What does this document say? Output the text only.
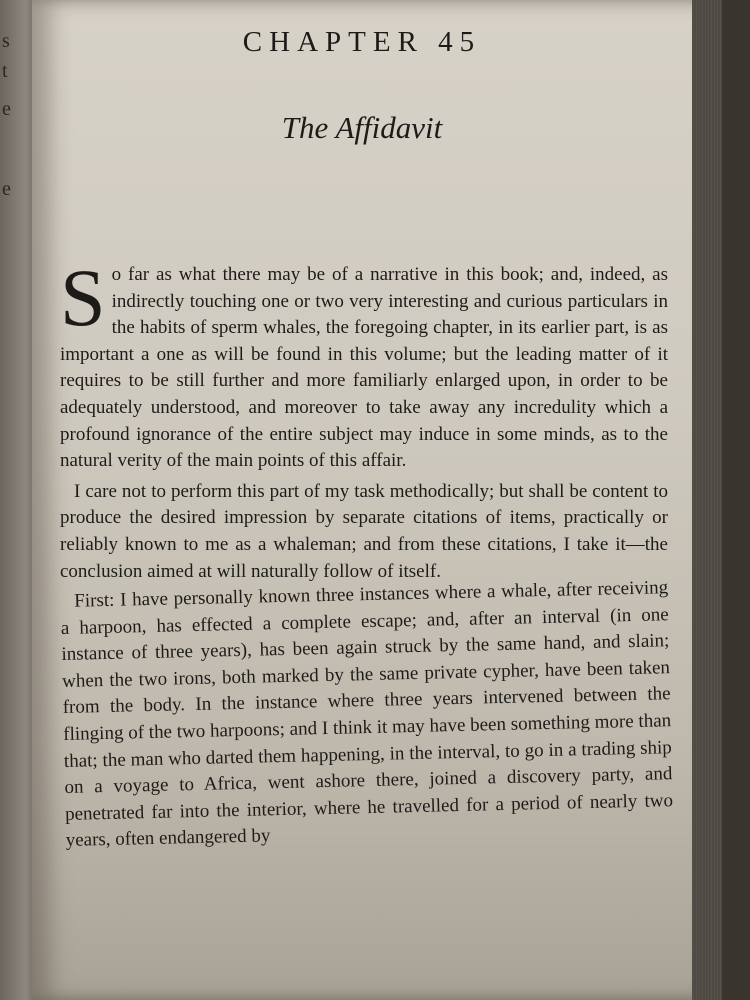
s
t
e
e
CHAPTER 45
The Affidavit

So far as what there may be of a narrative in this book; and, indeed, as indirectly touching one or two very interesting and curious particulars in the habits of sperm whales, the foregoing chapter, in its earlier part, is as important a one as will be found in this volume; but the leading matter of it requires to be still further and more familiarly enlarged upon, in order to be adequately understood, and moreover to take away any incredulity which a profound ignorance of the entire subject may induce in some minds, as to the natural verity of the main points of this affair.

I care not to perform this part of my task methodically; but shall be content to produce the desired impression by separate citations of items, practically or reliably known to me as a whaleman; and from these citations, I take it—the conclusion aimed at will naturally follow of itself.

First: I have personally known three instances where a whale, after receiving a harpoon, has effected a complete escape; and, after an interval (in one instance of three years), has been again struck by the same hand, and slain; when the two irons, both marked by the same private cypher, have been taken from the body. In the instance where three years intervened between the flinging of the two harpoons; and I think it may have been something more than that; the man who darted them happening, in the interval, to go in a trading ship on a voyage to Africa, went ashore there, joined a discovery party, and penetrated far into the interior, where he travelled for a period of nearly two years, often endangered by
